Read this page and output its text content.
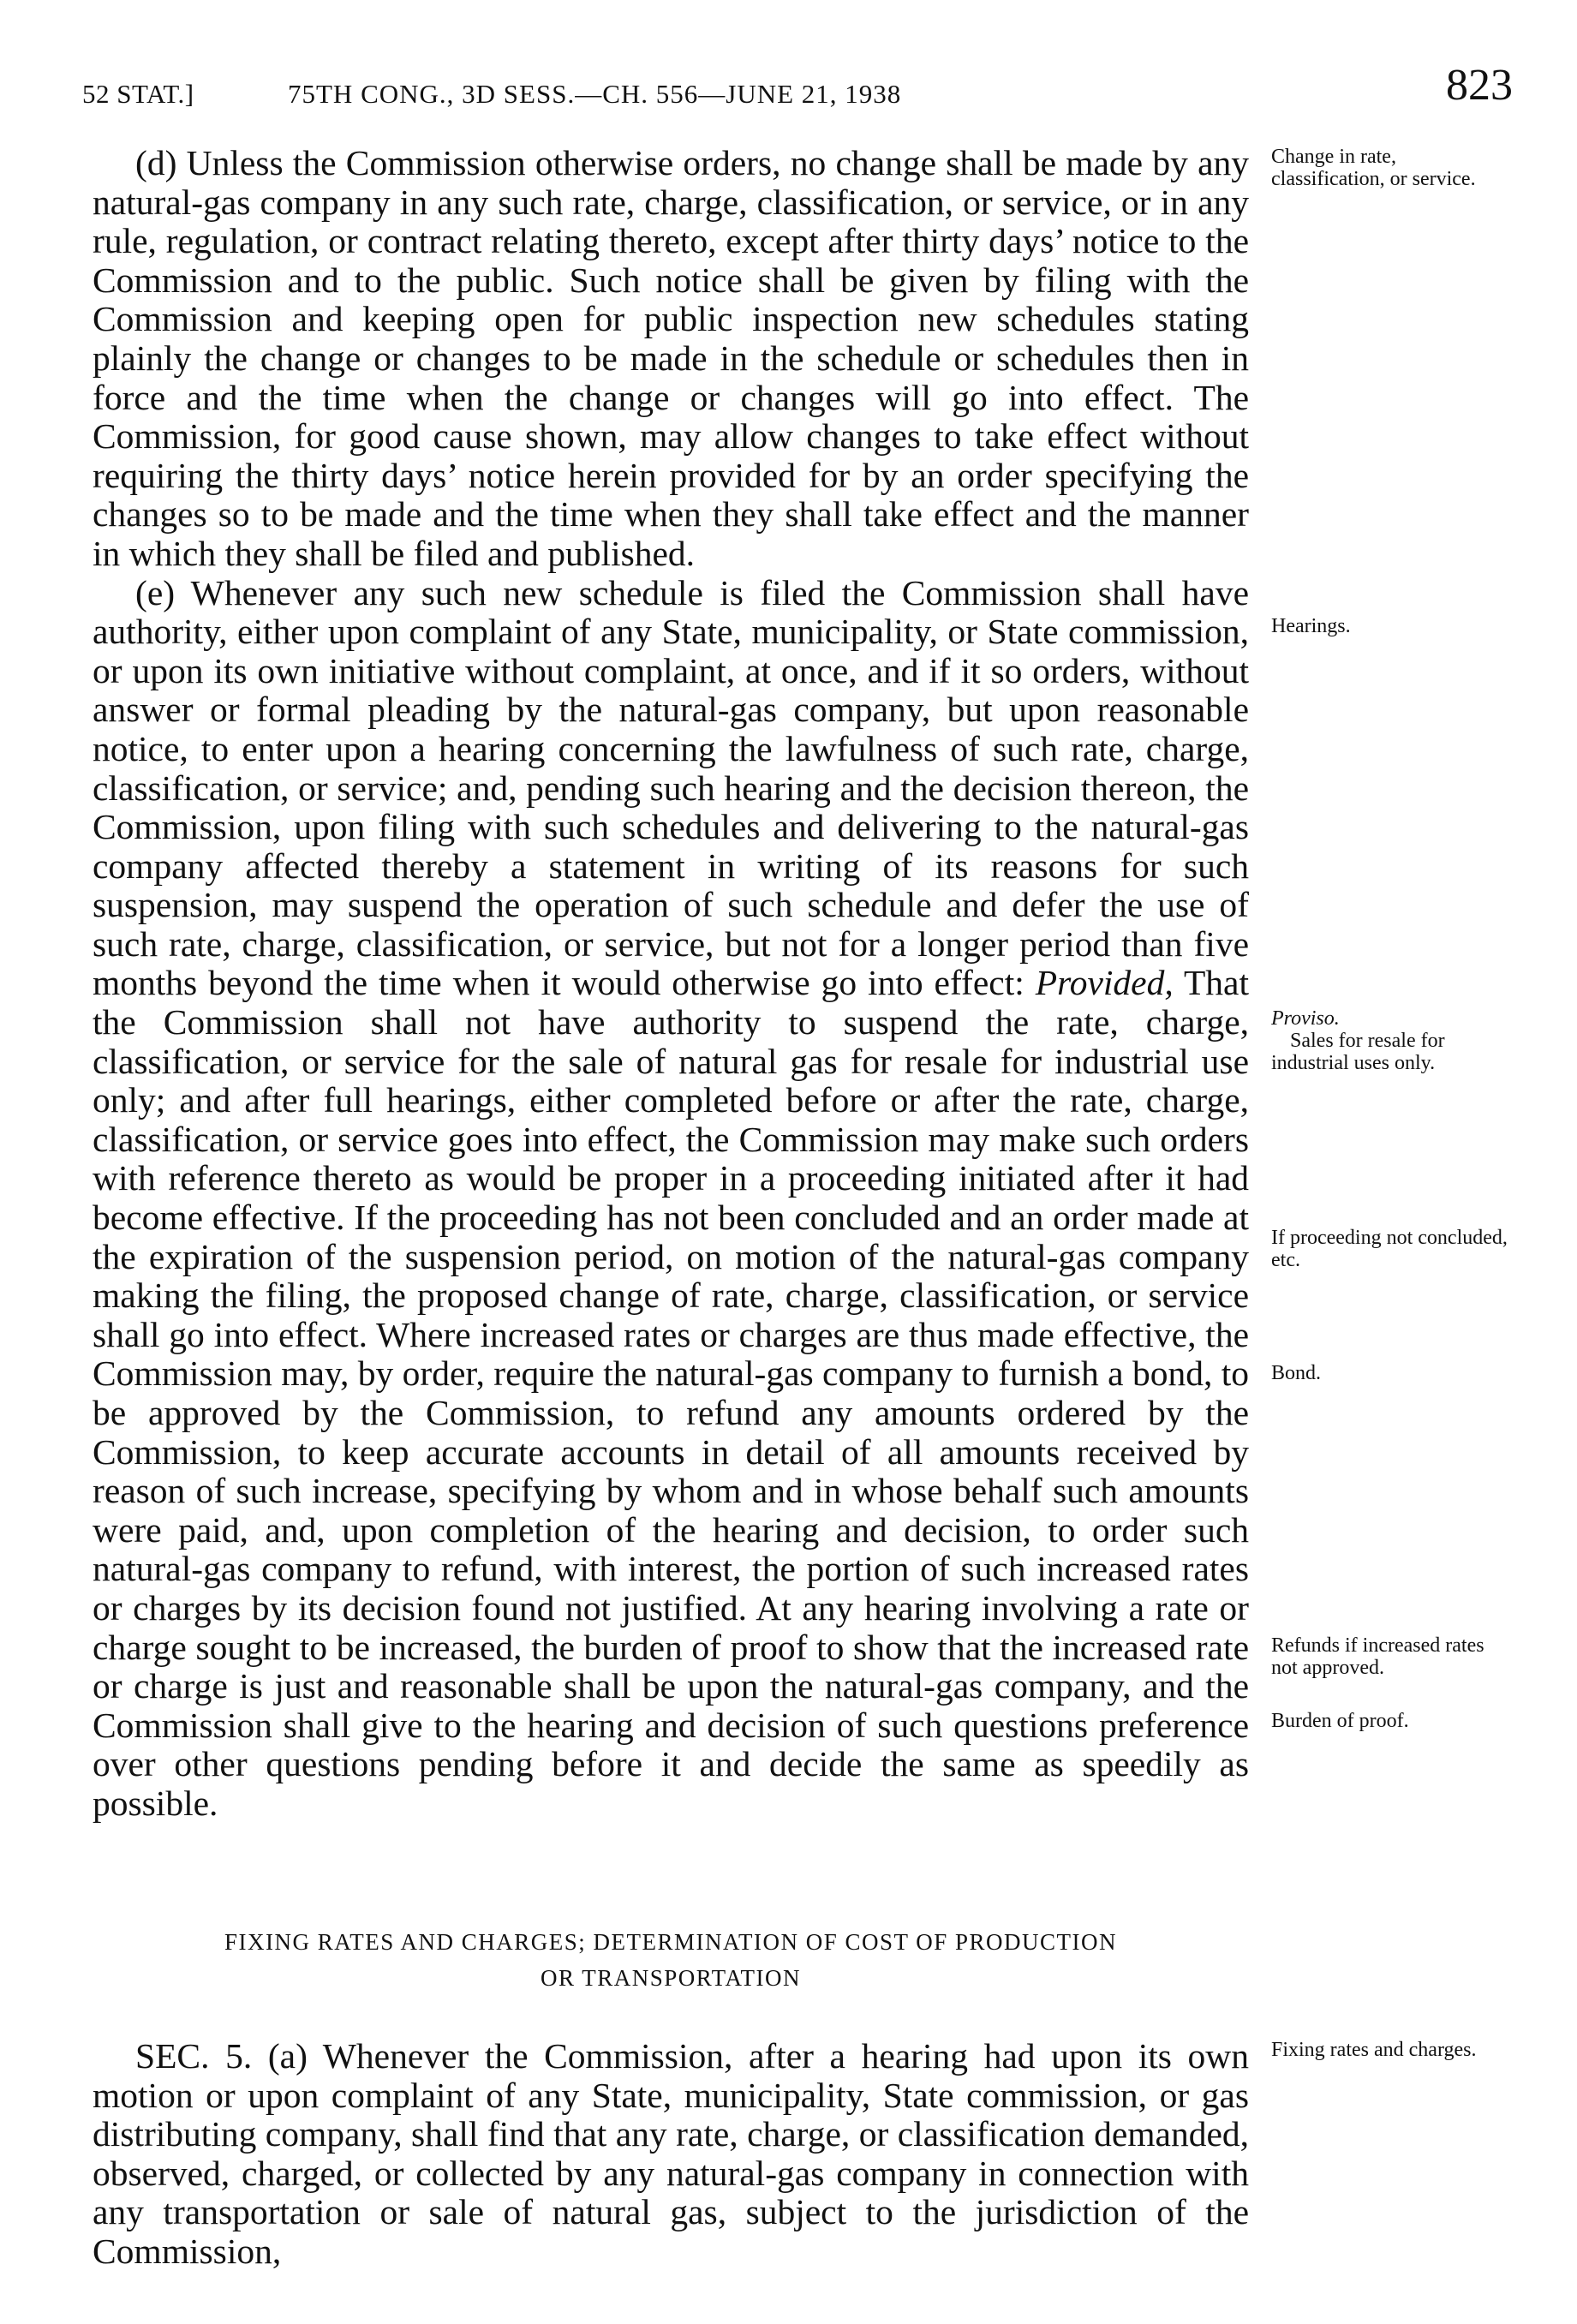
52 STAT.]	75TH CONG., 3D SESS.—CH. 556—JUNE 21, 1938	823

(d) Unless the Commission otherwise orders, no change shall be made by any natural-gas company in any such rate, charge, classification, or service, or in any rule, regulation, or contract relating thereto, except after thirty days’ notice to the Commission and to the public. Such notice shall be given by filing with the Commission and keeping open for public inspection new schedules stating plainly the change or changes to be made in the schedule or schedules then in force and the time when the change or changes will go into effect. The Commission, for good cause shown, may allow changes to take effect without requiring the thirty days’ notice herein provided for by an order specifying the changes so to be made and the time when they shall take effect and the manner in which they shall be filed and published.

(e) Whenever any such new schedule is filed the Commission shall have authority, either upon complaint of any State, municipality, or State commission, or upon its own initiative without complaint, at once, and if it so orders, without answer or formal pleading by the natural-gas company, but upon reasonable notice, to enter upon a hearing concerning the lawfulness of such rate, charge, classification, or service; and, pending such hearing and the decision thereon, the Commission, upon filing with such schedules and delivering to the natural-gas company affected thereby a statement in writing of its reasons for such suspension, may suspend the operation of such schedule and defer the use of such rate, charge, classification, or service, but not for a longer period than five months beyond the time when it would otherwise go into effect: Provided, That the Commission shall not have authority to suspend the rate, charge, classification, or service for the sale of natural gas for resale for industrial use only; and after full hearings, either completed before or after the rate, charge, classification, or service goes into effect, the Commission may make such orders with reference thereto as would be proper in a proceeding initiated after it had become effective. If the proceeding has not been concluded and an order made at the expiration of the suspension period, on motion of the natural-gas company making the filing, the proposed change of rate, charge, classification, or service shall go into effect. Where increased rates or charges are thus made effective, the Commission may, by order, require the natural-gas company to furnish a bond, to be approved by the Commission, to refund any amounts ordered by the Commission, to keep accurate accounts in detail of all amounts received by reason of such increase, specifying by whom and in whose behalf such amounts were paid, and, upon completion of the hearing and decision, to order such natural-gas company to refund, with interest, the portion of such increased rates or charges by its decision found not justified. At any hearing involving a rate or charge sought to be increased, the burden of proof to show that the increased rate or charge is just and reasonable shall be upon the natural-gas company, and the Commission shall give to the hearing and decision of such questions preference over other questions pending before it and decide the same as speedily as possible.

FIXING RATES AND CHARGES; DETERMINATION OF COST OF PRODUCTION
OR TRANSPORTATION

SEC. 5. (a) Whenever the Commission, after a hearing had upon its own motion or upon complaint of any State, municipality, State commission, or gas distributing company, shall find that any rate, charge, or classification demanded, observed, charged, or collected by any natural-gas company in connection with any transportation or sale of natural gas, subject to the jurisdiction of the Commission,

Change in rate, classification, or service.
Hearings.
Proviso.
Sales for resale for industrial uses only.
If proceeding not concluded, etc.
Bond.
Refunds if increased rates not approved.
Burden of proof.
Fixing rates and charges.
